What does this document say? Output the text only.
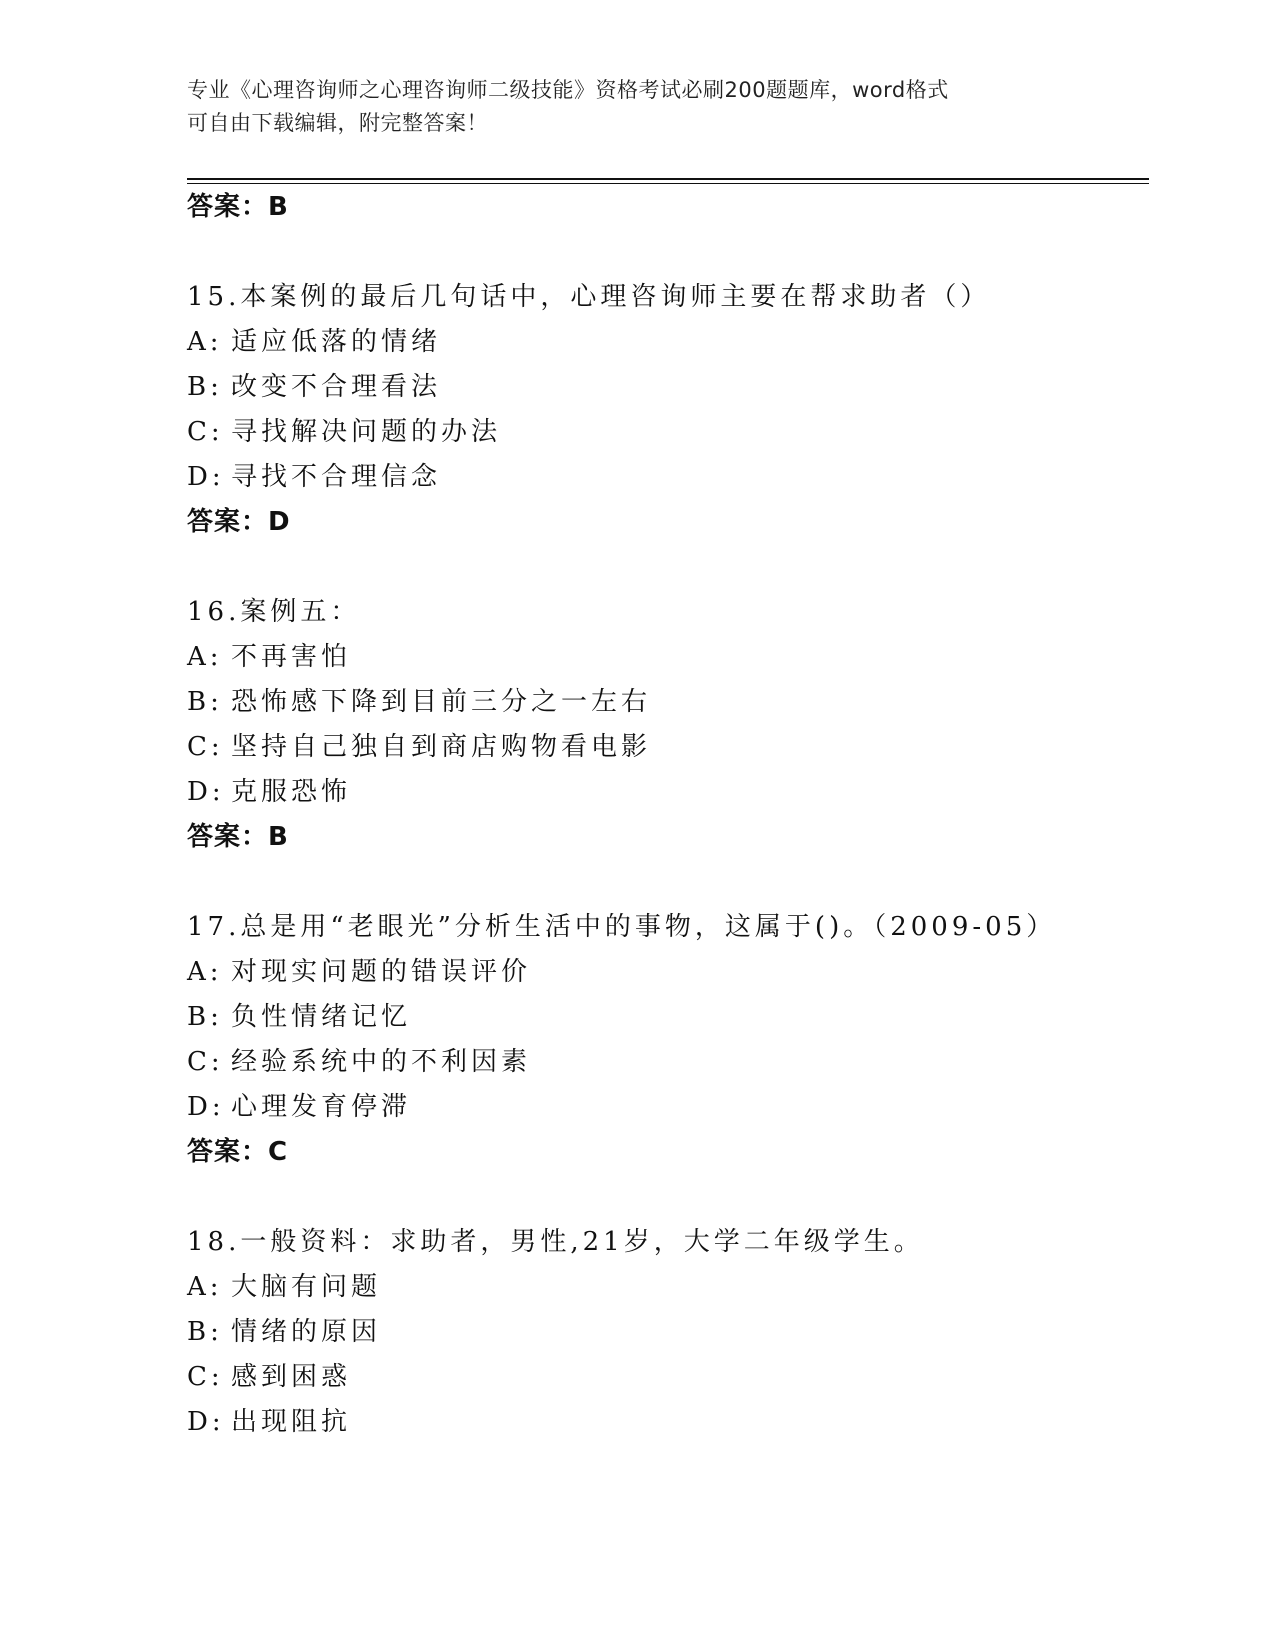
专业《心理咨询师之心理咨询师二级技能》资格考试必刷200题题库，word格式
可自由下载编辑，附完整答案！
答案：B
15.本案例的最后几句话中，心理咨询师主要在帮求助者（）
A: 适应低落的情绪
B: 改变不合理看法
C: 寻找解决问题的办法
D: 寻找不合理信念
答案：D
16.案例五：
A: 不再害怕
B: 恐怖感下降到目前三分之一左右
C: 坚持自己独自到商店购物看电影
D: 克服恐怖
答案：B
17.总是用“老眼光”分析生活中的事物，这属于()。（2009-05）
A: 对现实问题的错误评价
B: 负性情绪记忆
C: 经验系统中的不利因素
D: 心理发育停滞
答案：C
18.一般资料：求助者，男性,21岁，大学二年级学生。
A: 大脑有问题
B: 情绪的原因
C: 感到困惑
D: 出现阻抗
